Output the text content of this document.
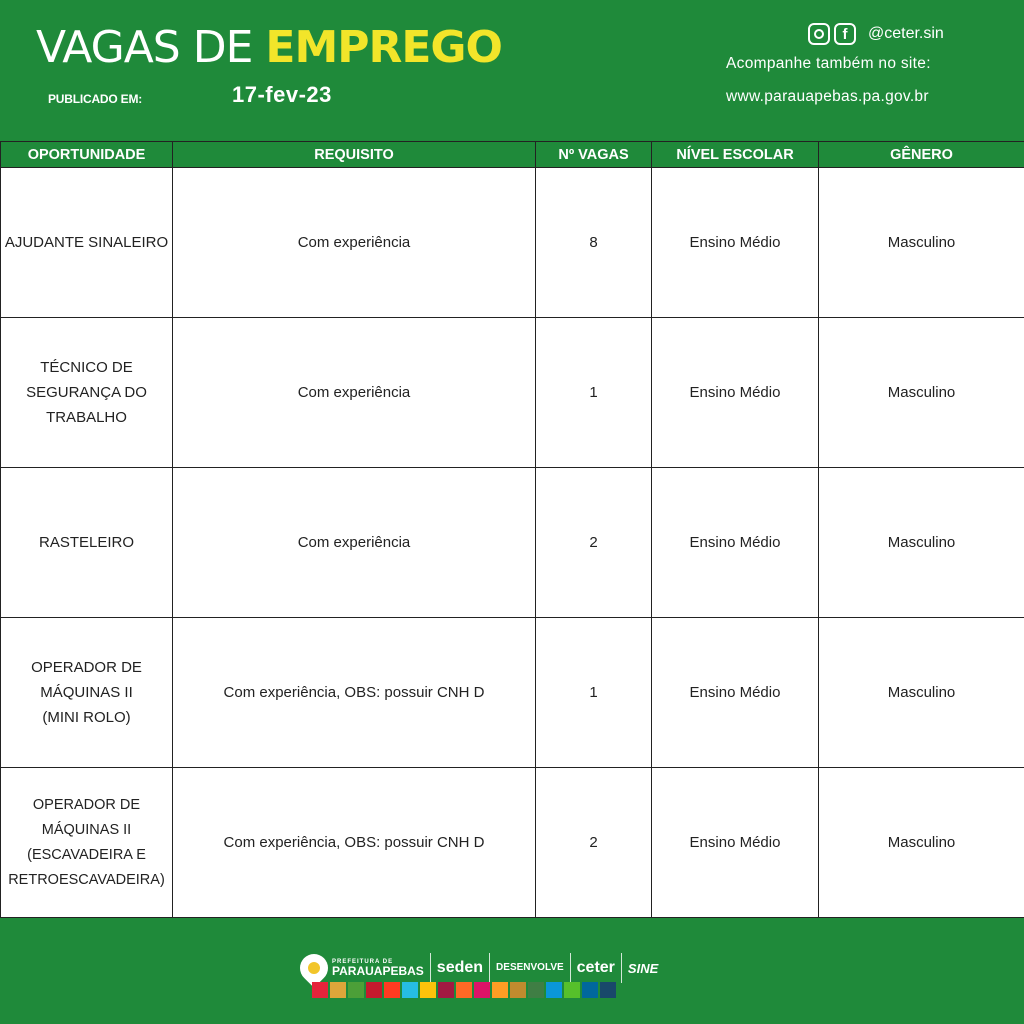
VAGAS DE EMPREGO
PUBLICADO EM:	17-fev-23
f @ceter.sin
Acompanhe também no site:
www.parauapebas.pa.gov.br
OPORTUNIDADE	REQUISITO	Nº VAGAS	NÍVEL ESCOLAR	GÊNERO
AJUDANTE SINALEIRO	Com experiência	8	Ensino Médio	Masculino
TÉCNICO DE SEGURANÇA DO TRABALHO	Com experiência	1	Ensino Médio	Masculino
RASTELEIRO	Com experiência	2	Ensino Médio	Masculino
OPERADOR DE MÁQUINAS II (MINI ROLO)	Com experiência, OBS: possuir CNH D	1	Ensino Médio	Masculino
OPERADOR DE MÁQUINAS II (ESCAVADEIRA E RETROESCAVADEIRA)	Com experiência, OBS: possuir CNH D	2	Ensino Médio	Masculino
PREFEITURA DE
PARAUAPEBAS seden DESENVOLVE ceter SINE
